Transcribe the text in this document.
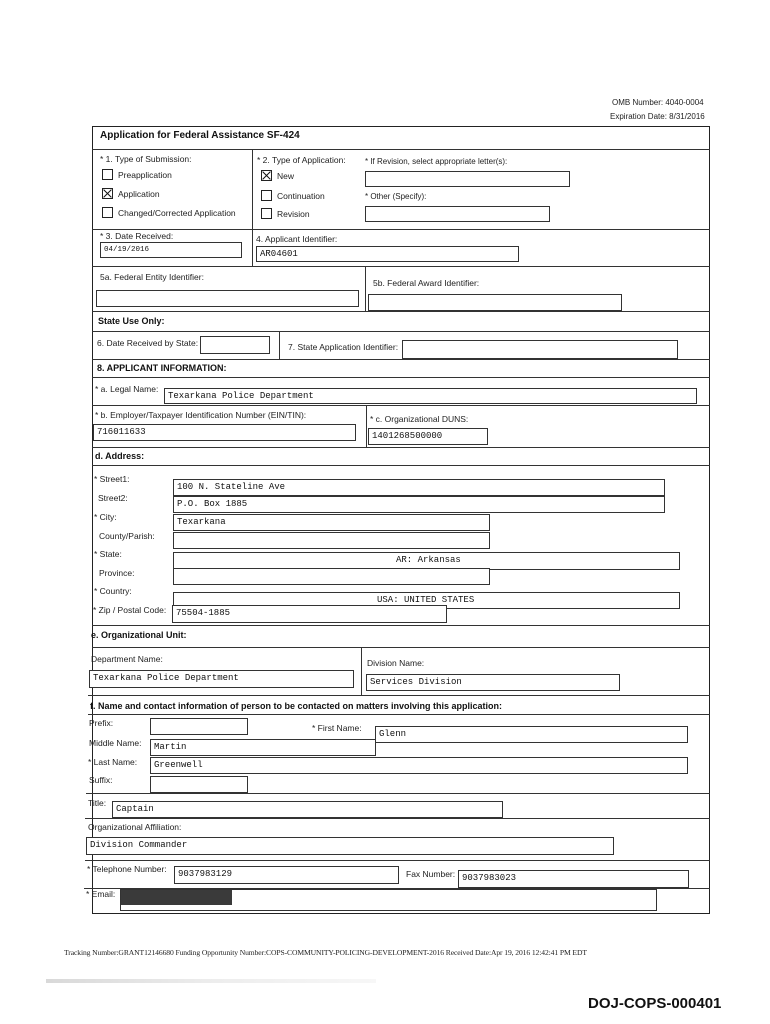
OMB Number: 4040-0004
Expiration Date: 8/31/2016
Application for Federal Assistance SF-424
* 1. Type of Submission:
Preapplication
Application
Changed/Corrected Application
* 2. Type of Application:
New
Continuation
Revision
* If Revision, select appropriate letter(s):
* Other (Specify):
* 3. Date Received:
04/19/2016
4. Applicant Identifier:
AR04601
5a. Federal Entity Identifier:
5b. Federal Award Identifier:
State Use Only:
6. Date Received by State:	7. State Application Identifier:
8. APPLICANT INFORMATION:
* a. Legal Name:
Texarkana Police Department
* b. Employer/Taxpayer Identification Number (EIN/TIN):
716011633
* c. Organizational DUNS:
1401268500000
d. Address:
* Street1:
100 N. Stateline Ave
Street2:
P.O. Box 1885
* City:	Texarkana
County/Parish:
* State:
AR: Arkansas
Province:
* Country:
USA: UNITED STATES
* Zip / Postal Code:	75504-1885
e. Organizational Unit:
Department Name:
Texarkana Police Department
Division Name:
Services Division
f. Name and contact information of person to be contacted on matters involving this application:
Prefix:	* First Name:
Glenn
Middle Name:	Martin
* Last Name:	Greenwell
Suffix:
Title:
Captain
Organizational Affiliation:
Division Commander
* Telephone Number:	9037983129	Fax Number: 9037983023
* Email:
Tracking Number:GRANT12146680 Funding Opportunity Number:COPS-COMMUNITY-POLICING-DEVELOPMENT-2016 Received Date:Apr 19, 2016 12:42:41 PM EDT
DOJ-COPS-000401
